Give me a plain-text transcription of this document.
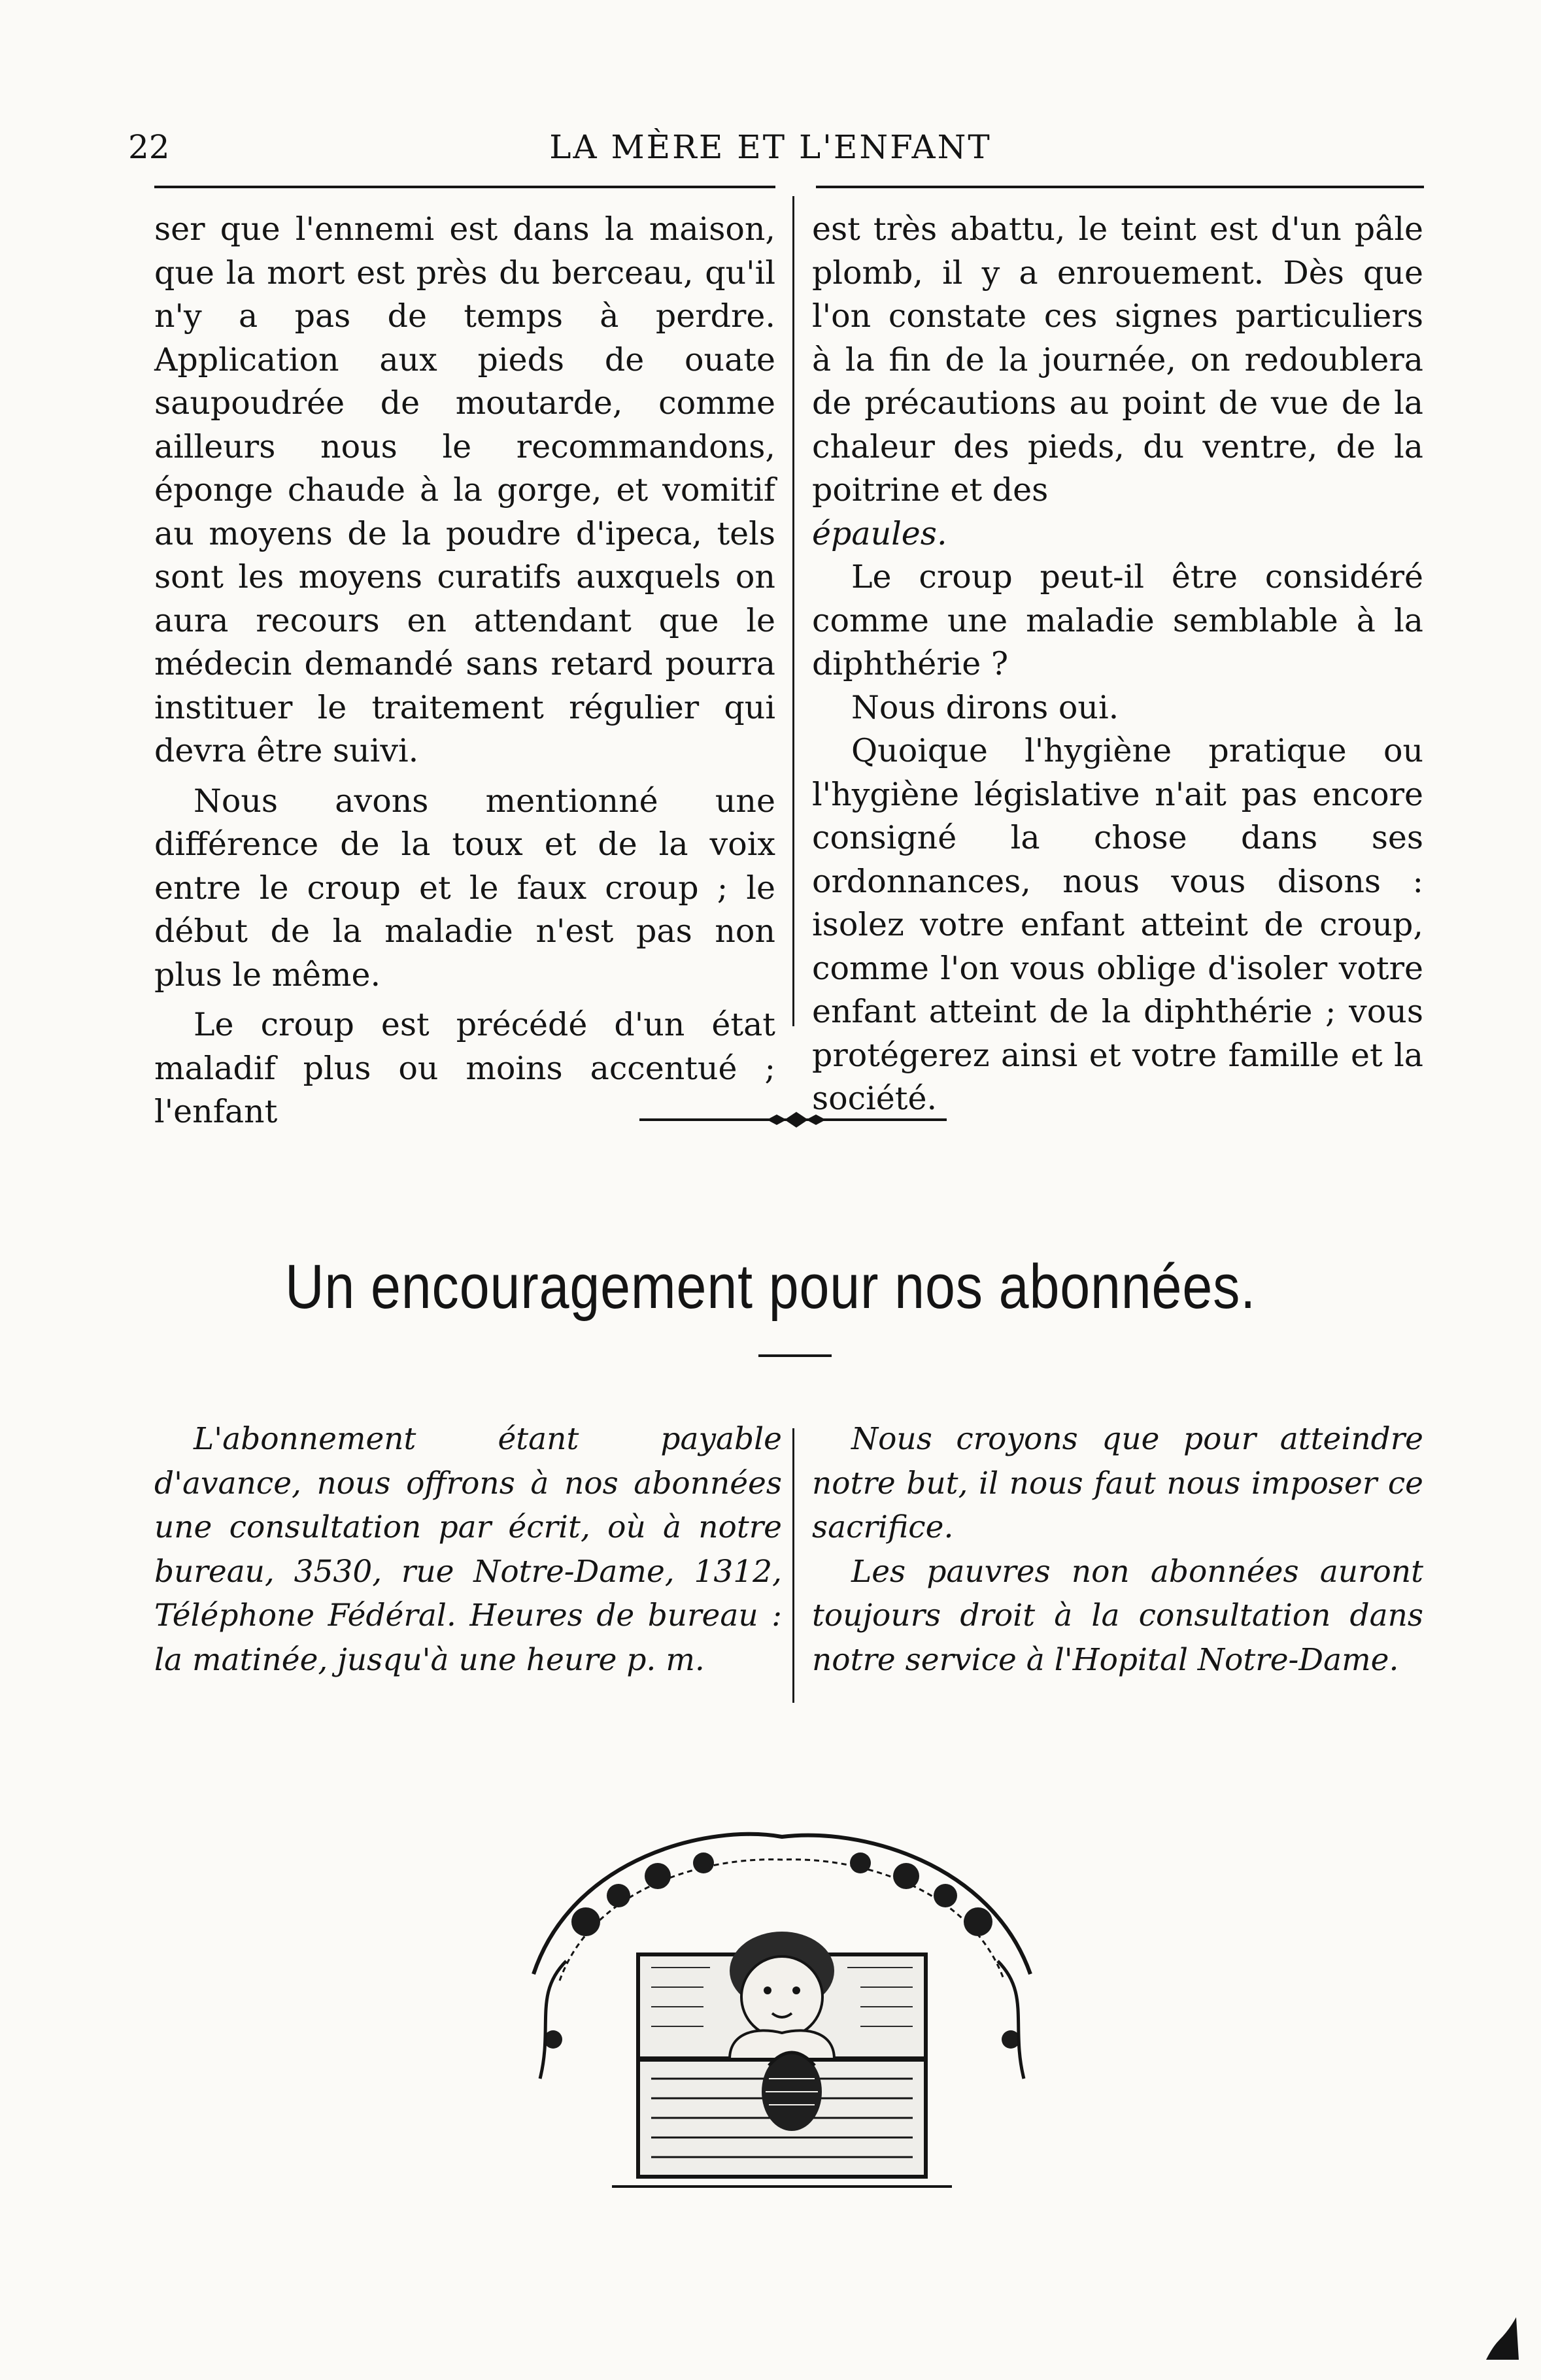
22	LA MÈRE ET L'ENFANT

ser que l'ennemi est dans la maison, que la mort est près du berceau, qu'il n'y a pas de temps à perdre. Application aux pieds de ouate saupoudrée de moutarde, comme ailleurs nous le recommandons, éponge chaude à la gorge, et vomitif au moyens de la poudre d'ipeca, tels sont les moyens curatifs auxquels on aura recours en attendant que le médecin demandé sans retard pourra instituer le traitement régulier qui devra être suivi.

Nous avons mentionné une différence de la toux et de la voix entre le croup et le faux croup ; le début de la maladie n'est pas non plus le même.

Le croup est précédé d'un état maladif plus ou moins accentué ; l'enfant

est très abattu, le teint est d'un pâle plomb, il y a enrouement. Dès que l'on constate ces signes particuliers à la fin de la journée, on redoublera de précautions au point de vue de la chaleur des pieds, du ventre, de la poitrine et des

épaules.

Le croup peut-il être considéré comme une maladie semblable à la diphthérie ?

Nous dirons oui.

Quoique l'hygiène pratique ou l'hygiène législative n'ait pas encore consigné la chose dans ses ordonnances, nous vous disons : isolez votre enfant atteint de croup, comme l'on vous oblige d'isoler votre enfant atteint de la diphthérie ; vous protégerez ainsi et votre famille et la société.

Un encouragement pour nos abonnées.

L'abonnement étant payable d'avance, nous offrons à nos abonnées une consultation par écrit, où à notre bureau, 3530, rue Notre-Dame, 1312, Téléphone Fédéral. Heures de bureau : la matinée, jusqu'à une heure p. m.

Nous croyons que pour atteindre notre but, il nous faut nous imposer ce sacrifice.

Les pauvres non abonnées auront toujours droit à la consultation dans notre service à l'Hopital Notre-Dame.
